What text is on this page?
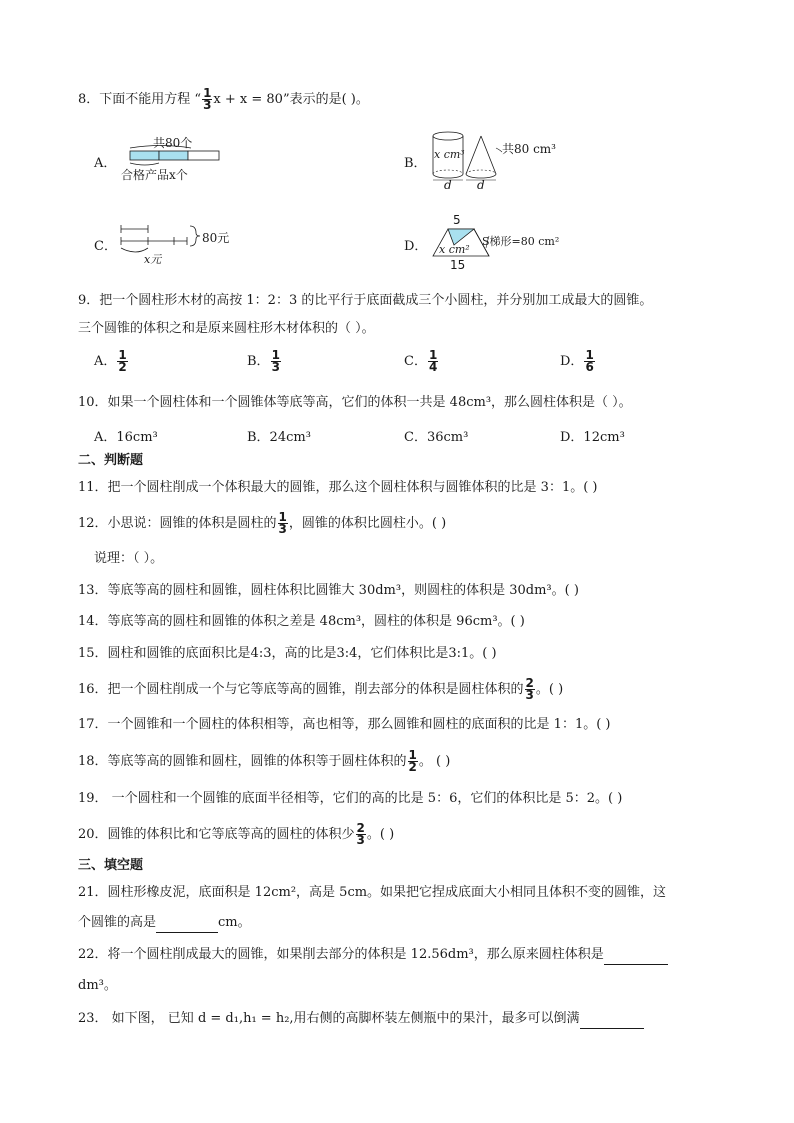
8．下面不能用方程 “ $\frac{1}{3}$ x + x = 80”表示的是( )。
A．
共80个
合格产品x个
B．
x cm³	共80 cm³
d d
C．
80元
x元
D．
5
x cm²
S梯形=80 cm²
15
9．把一个圆柱形木材的高按 1：2：3 的比平行于底面截成三个小圆柱，并分别加工成最大的圆锥。
三个圆锥的体积之和是原来圆柱形木材体积的（ ）。
A． $\frac{1}{2}$	B． $\frac{1}{3}$	C． $\frac{1}{4}$	D． $\frac{1}{6}$
10．如果一个圆柱体和一个圆锥体等底等高，它们的体积一共是 48cm³，那么圆柱体积是（ ）。
A．16cm³	B．24cm³	C．36cm³	D．12cm³
二、判断题
11．把一个圆柱削成一个体积最大的圆锥，那么这个圆柱体积与圆锥体积的比是 3：1。( )
12．小思说：圆锥的体积是圆柱的 $\frac{1}{3}$ ，圆锥的体积比圆柱小。( )
说理：（ ）。
13．等底等高的圆柱和圆锥，圆柱体积比圆锥大 30dm³，则圆柱的体积是 30dm³。( )
14．等底等高的圆柱和圆锥的体积之差是 48cm³，圆柱的体积是 96cm³。( )
15．圆柱和圆锥的底面积比是4:3，高的比是3:4，它们体积比是3:1。( )
16．把一个圆柱削成一个与它等底等高的圆锥，削去部分的体积是圆柱体积的 $\frac{2}{3}$ 。( )
17．一个圆锥和一个圆柱的体积相等，高也相等，那么圆锥和圆柱的底面积的比是 1：1。( )
18．等底等高的圆锥和圆柱，圆锥的体积等于圆柱体积的 $\frac{1}{2}$ 。 ( )
19． 一个圆柱和一个圆锥的底面半径相等，它们的高的比是 5：6，它们的体积比是 5：2。( )
20．圆锥的体积比和它等底等高的圆柱的体积少 $\frac{2}{3}$ 。( )
三、填空题
21．圆柱形橡皮泥，底面积是 12cm²，高是 5cm。如果把它捏成底面大小相同且体积不变的圆锥，这
个圆锥的高是	cm。
22．将一个圆柱削成最大的圆锥，如果削去部分的体积是 12.56dm³，那么原来圆柱体积是
dm³。
23． 如下图， 已知 d = d₁,h₁ = h₂,用右侧的高脚杯装左侧瓶中的果汁，最多可以倒满
